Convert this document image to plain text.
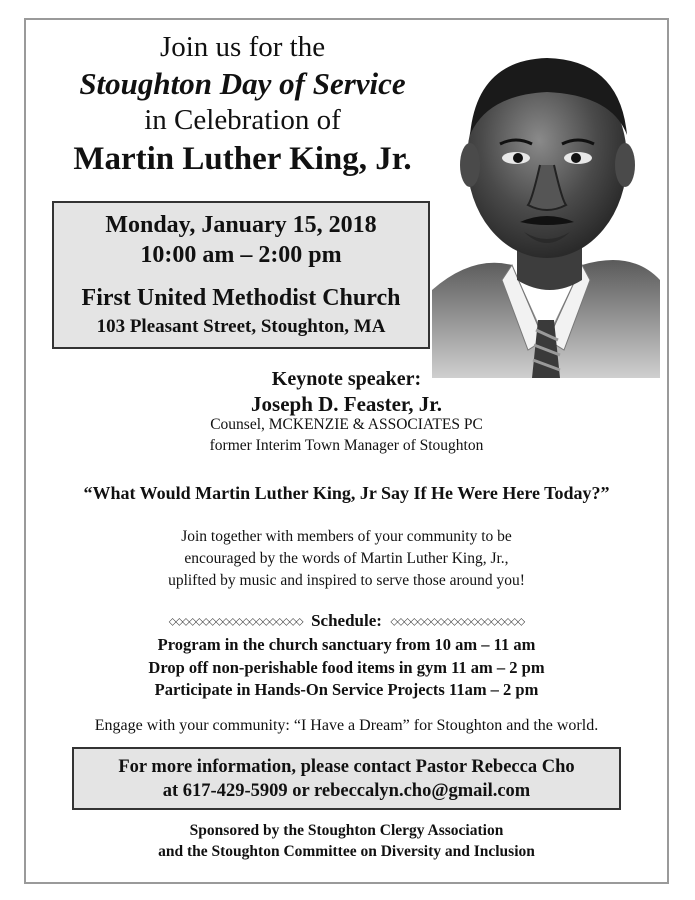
Join us for the
Stoughton Day of Service
in Celebration of
Martin Luther King, Jr.
Monday, January 15, 2018
10:00 am – 2:00 pm
First United Methodist Church
103 Pleasant Street, Stoughton, MA
Keynote speaker:
Joseph D. Feaster, Jr.
Counsel, MCKENZIE & ASSOCIATES PC
former Interim Town Manager of Stoughton
“What Would Martin Luther King, Jr Say If He Were Here Today?”
Join together with members of your community to be
encouraged by the words of Martin Luther King, Jr.,
uplifted by music and inspired to serve those around you!
◇◇◇◇◇◇◇◇◇◇◇◇◇◇◇◇◇◇◇◇ Schedule: ◇◇◇◇◇◇◇◇◇◇◇◇◇◇◇◇◇◇◇◇
Program in the church sanctuary from 10 am – 11 am
Drop off non-perishable food items in gym 11 am – 2 pm
Participate in Hands-On Service Projects 11am – 2 pm
Engage with your community: “I Have a Dream” for Stoughton and the world.
For more information, please contact Pastor Rebecca Cho
at 617-429-5909 or rebeccalyn.cho@gmail.com
Sponsored by the Stoughton Clergy Association
and the Stoughton Committee on Diversity and Inclusion
